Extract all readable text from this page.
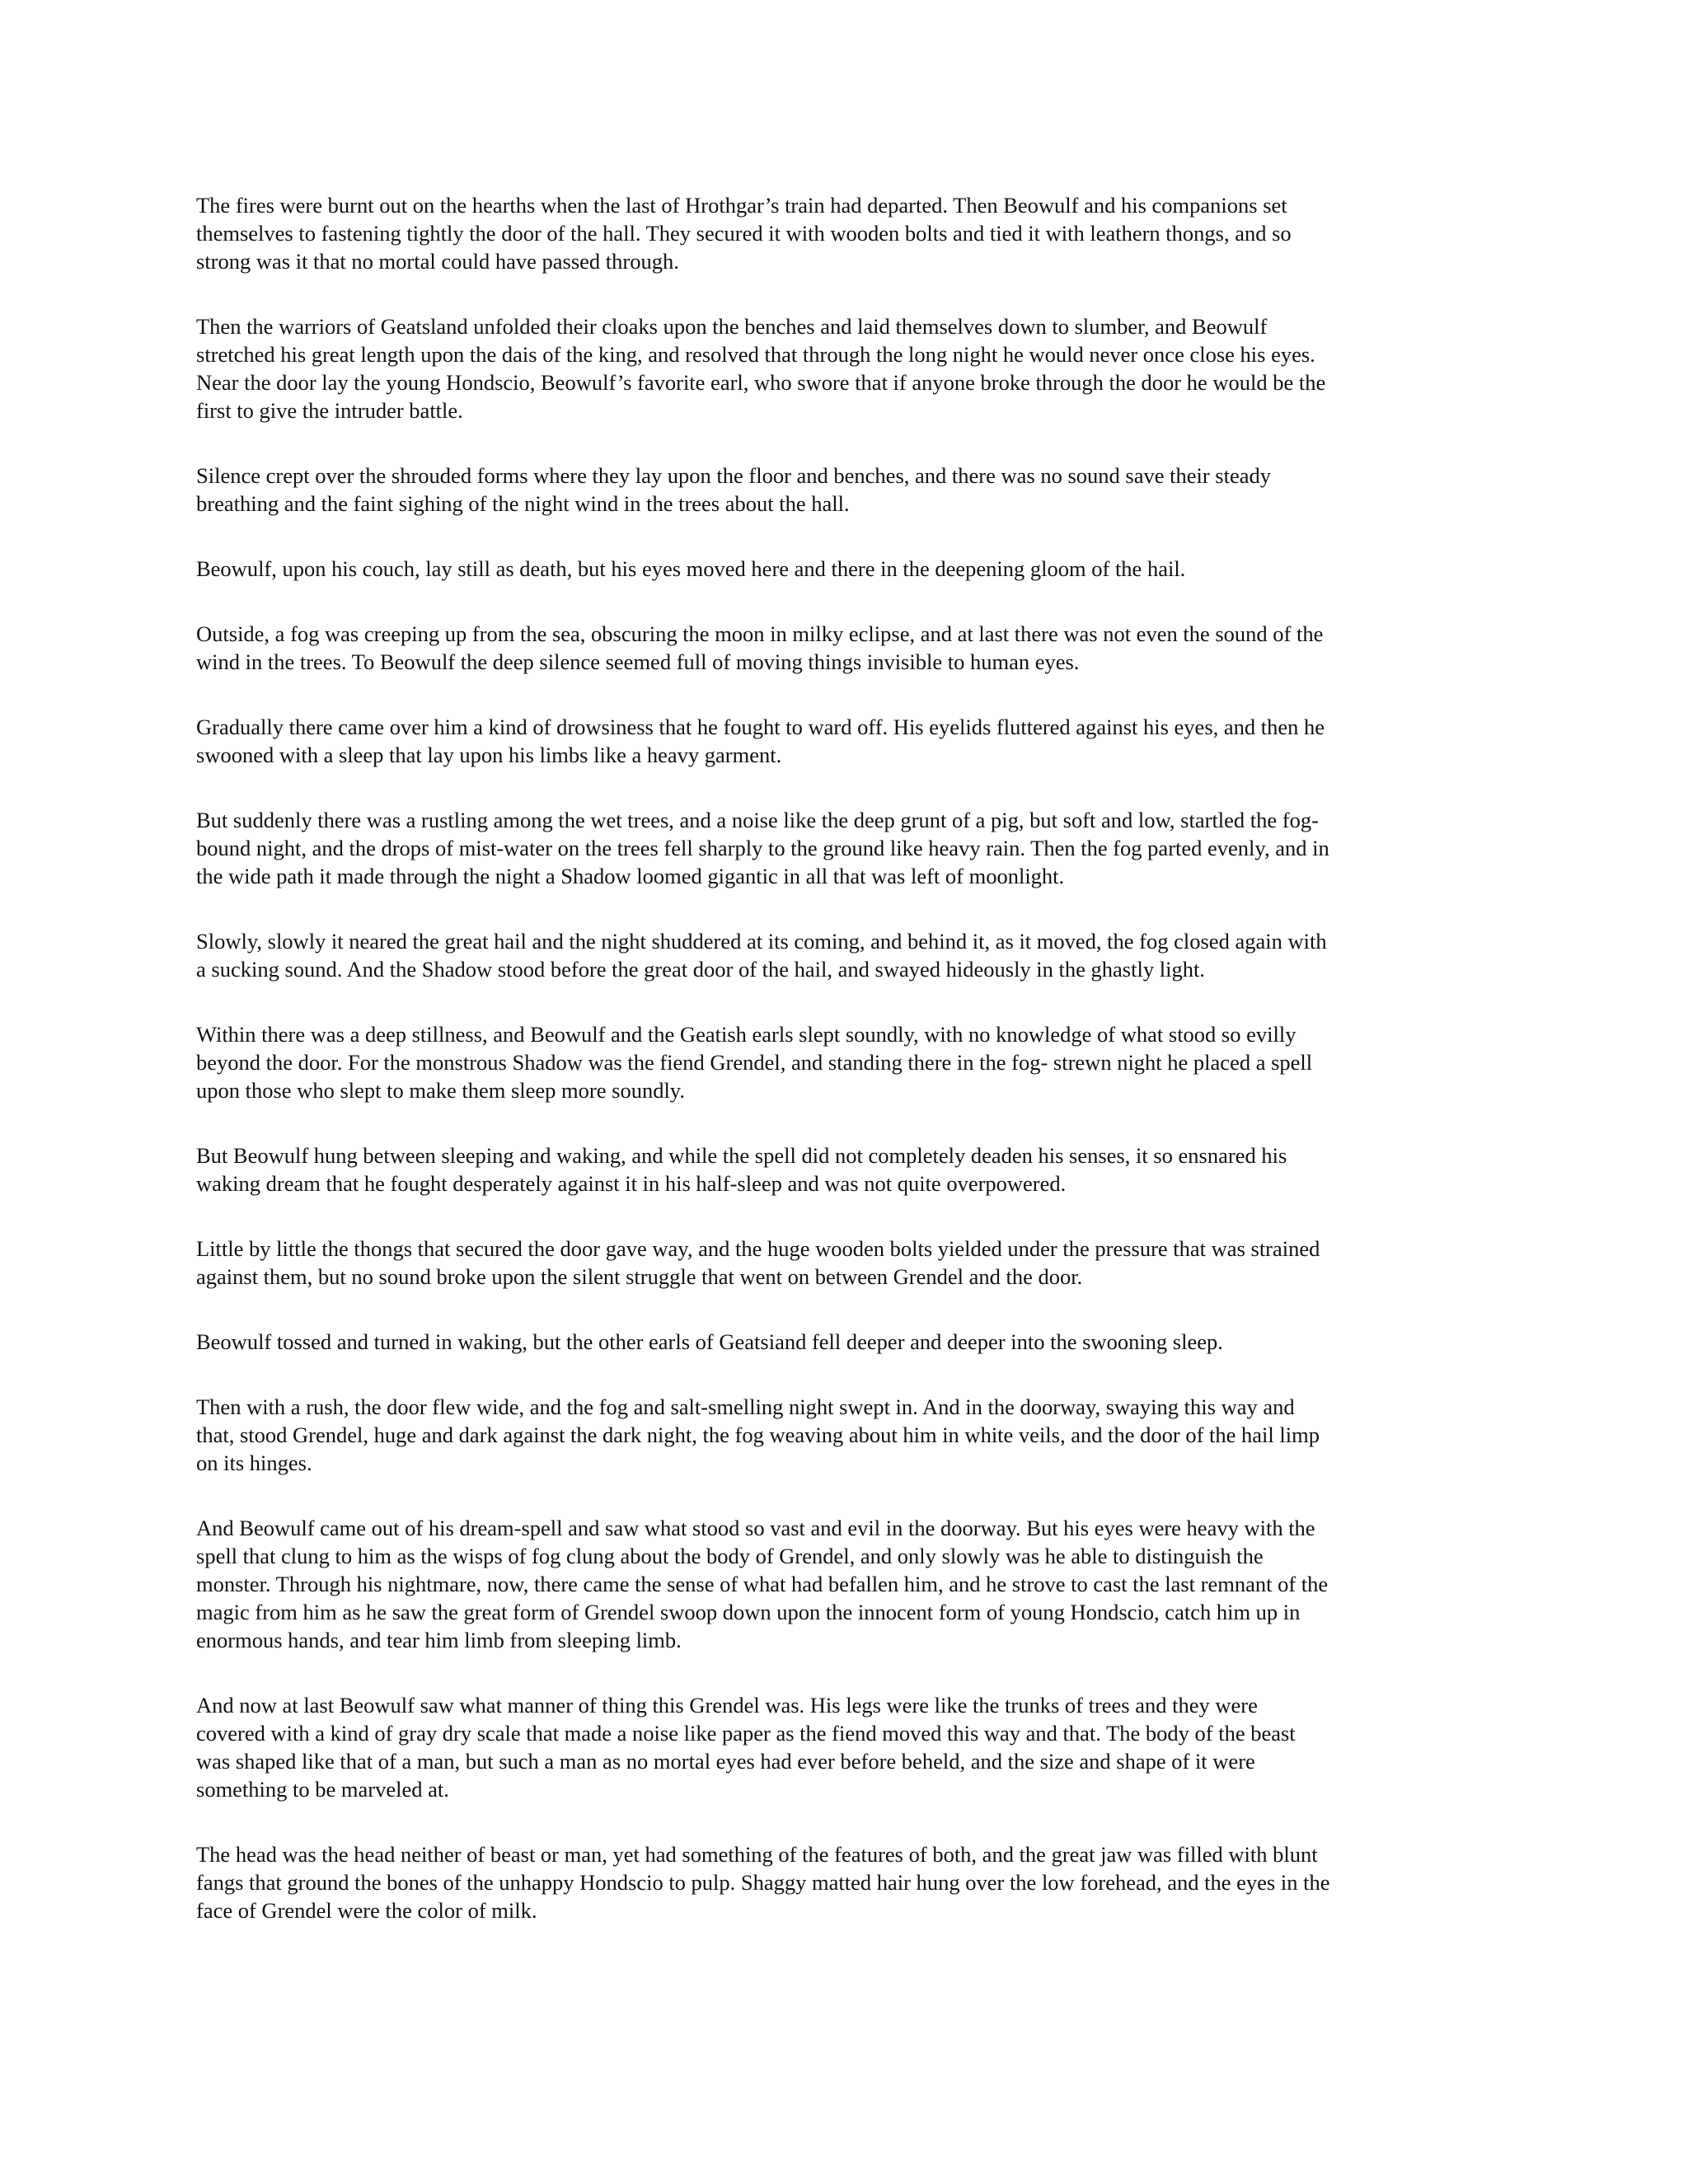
The fires were burnt out on the hearths when the last of Hrothgar’s train had departed. Then Beowulf and his companions set
themselves to fastening tightly the door of the hall. They secured it with wooden bolts and tied it with leathern thongs, and so
strong was it that no mortal could have passed through.

Then the warriors of Geatsland unfolded their cloaks upon the benches and laid themselves down to slumber, and Beowulf
stretched his great length upon the dais of the king, and resolved that through the long night he would never once close his eyes.
Near the door lay the young Hondscio, Beowulf’s favorite earl, who swore that if anyone broke through the door he would be the
first to give the intruder battle.

Silence crept over the shrouded forms where they lay upon the floor and benches, and there was no sound save their steady
breathing and the faint sighing of the night wind in the trees about the hall.

Beowulf, upon his couch, lay still as death, but his eyes moved here and there in the deepening gloom of the hail.

Outside, a fog was creeping up from the sea, obscuring the moon in milky eclipse, and at last there was not even the sound of the
wind in the trees. To Beowulf the deep silence seemed full of moving things invisible to human eyes.

Gradually there came over him a kind of drowsiness that he fought to ward off. His eyelids fluttered against his eyes, and then he
swooned with a sleep that lay upon his limbs like a heavy garment.

But suddenly there was a rustling among the wet trees, and a noise like the deep grunt of a pig, but soft and low, startled the fog-
bound night, and the drops of mist-water on the trees fell sharply to the ground like heavy rain. Then the fog parted evenly, and in
the wide path it made through the night a Shadow loomed gigantic in all that was left of moonlight.

Slowly, slowly it neared the great hail and the night shuddered at its coming, and behind it, as it moved, the fog closed again with
a sucking sound. And the Shadow stood before the great door of the hail, and swayed hideously in the ghastly light.

Within there was a deep stillness, and Beowulf and the Geatish earls slept soundly, with no knowledge of what stood so evilly
beyond the door. For the monstrous Shadow was the fiend Grendel, and standing there in the fog- strewn night he placed a spell
upon those who slept to make them sleep more soundly.

But Beowulf hung between sleeping and waking, and while the spell did not completely deaden his senses, it so ensnared his
waking dream that he fought desperately against it in his half-sleep and was not quite overpowered.

Little by little the thongs that secured the door gave way, and the huge wooden bolts yielded under the pressure that was strained
against them, but no sound broke upon the silent struggle that went on between Grendel and the door.

Beowulf tossed and turned in waking, but the other earls of Geatsiand fell deeper and deeper into the swooning sleep.

Then with a rush, the door flew wide, and the fog and salt-smelling night swept in. And in the doorway, swaying this way and
that, stood Grendel, huge and dark against the dark night, the fog weaving about him in white veils, and the door of the hail limp
on its hinges.

And Beowulf came out of his dream-spell and saw what stood so vast and evil in the doorway. But his eyes were heavy with the
spell that clung to him as the wisps of fog clung about the body of Grendel, and only slowly was he able to distinguish the
monster. Through his nightmare, now, there came the sense of what had befallen him, and he strove to cast the last remnant of the
magic from him as he saw the great form of Grendel swoop down upon the innocent form of young Hondscio, catch him up in
enormous hands, and tear him limb from sleeping limb.

And now at last Beowulf saw what manner of thing this Grendel was. His legs were like the trunks of trees and they were
covered with a kind of gray dry scale that made a noise like paper as the fiend moved this way and that. The body of the beast
was shaped like that of a man, but such a man as no mortal eyes had ever before beheld, and the size and shape of it were
something to be marveled at.

The head was the head neither of beast or man, yet had something of the features of both, and the great jaw was filled with blunt
fangs that ground the bones of the unhappy Hondscio to pulp. Shaggy matted hair hung over the low forehead, and the eyes in the
face of Grendel were the color of milk.
